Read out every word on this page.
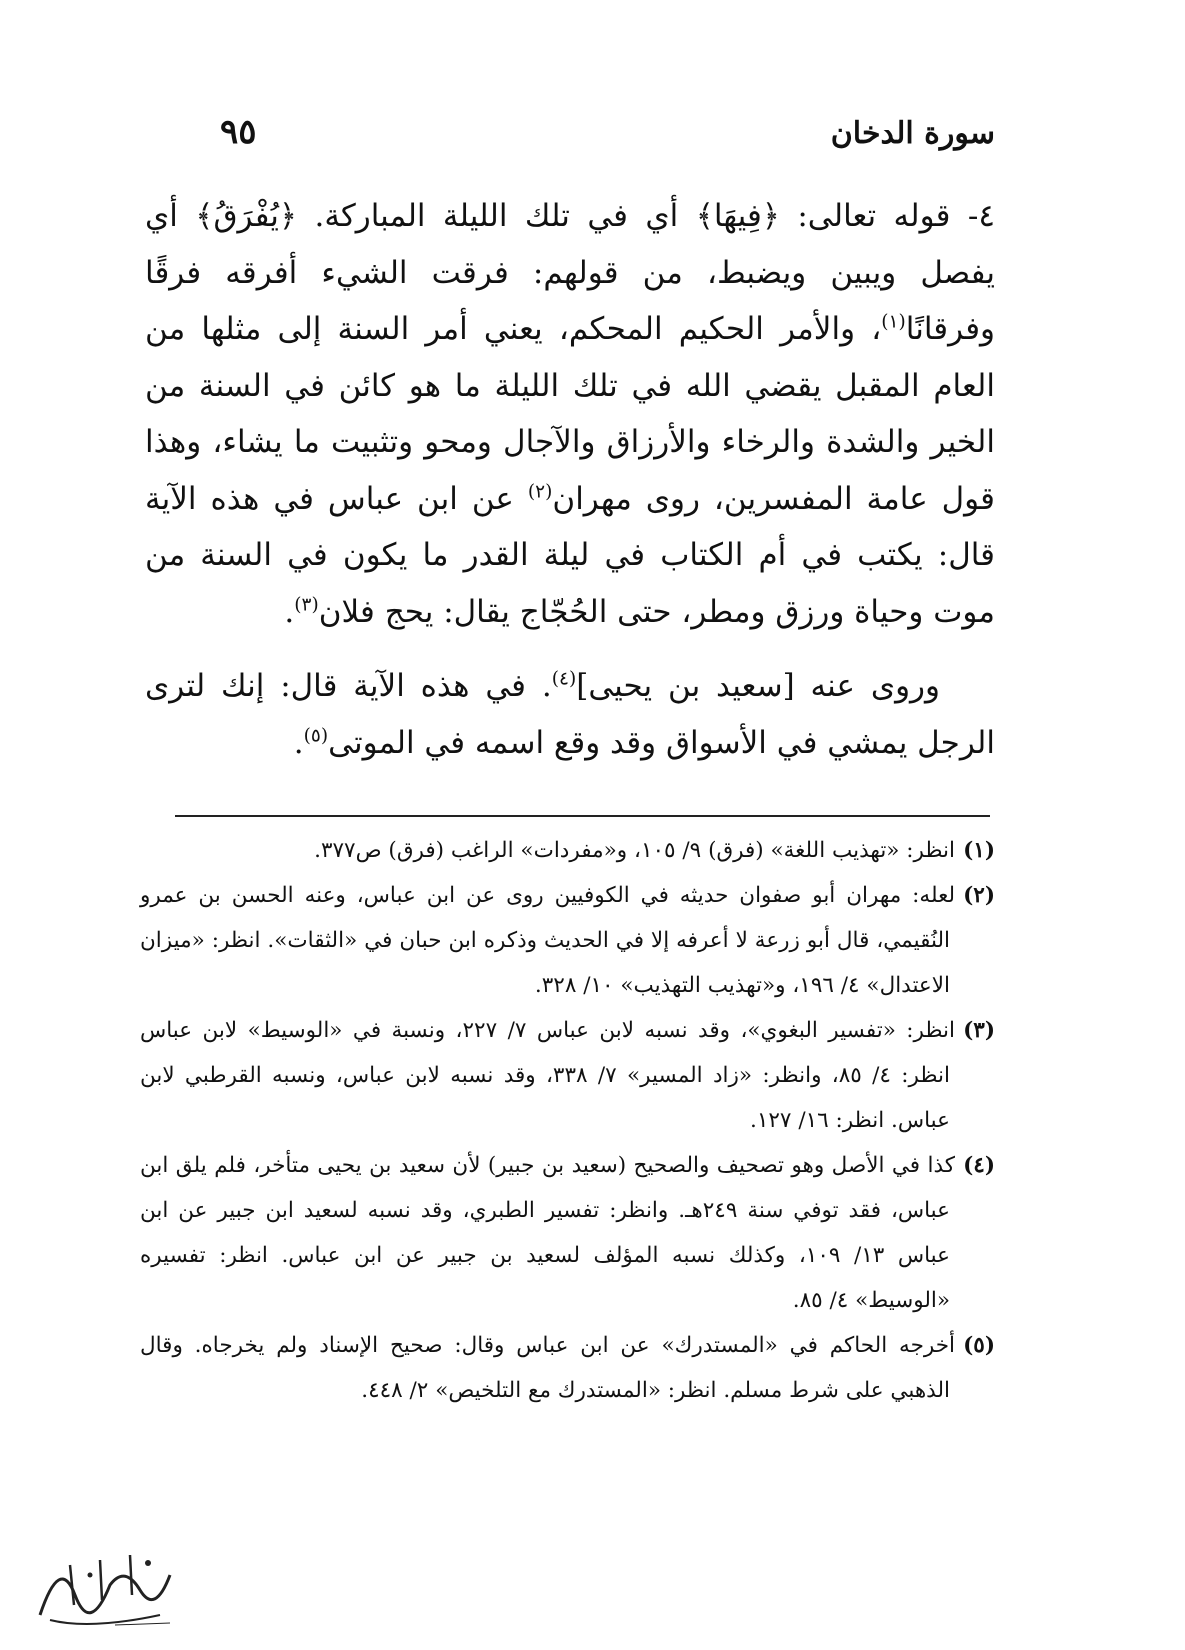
٩٥	سورة الدخان

٤- قوله تعالى: ﴿فِيهَا﴾ أي في تلك الليلة المباركة. ﴿يُفْرَقُ﴾ أي يفصل ويبين ويضبط، من قولهم: فرقت الشيء أفرقه فرقًا وفرقانًا$^{(١)}$، والأمر الحكيم المحكم، يعني أمر السنة إلى مثلها من العام المقبل يقضي الله في تلك الليلة ما هو كائن في السنة من الخير والشدة والرخاء والأرزاق والآجال ومحو وتثبيت ما يشاء، وهذا قول عامة المفسرين، روى مهران$^{(٢)}$ عن ابن عباس في هذه الآية قال: يكتب في أم الكتاب في ليلة القدر ما يكون في السنة من موت وحياة ورزق ومطر، حتى الحُجّاج يقال: يحج فلان$^{(٣)}$.

وروى عنه [سعيد بن يحيى]$^{(٤)}$. في هذه الآية قال: إنك لترى الرجل يمشي في الأسواق وقد وقع اسمه في الموتى$^{(٥)}$.

(١)انظر: «تهذيب اللغة» (فرق) ٩/ ١٠٥، و«مفردات» الراغب (فرق) ص٣٧٧.
(٢)لعله: مهران أبو صفوان حديثه في الكوفيين روى عن ابن عباس، وعنه الحسن بن عمرو النُقيمي، قال أبو زرعة لا أعرفه إلا في الحديث وذكره ابن حبان في «الثقات». انظر: «ميزان الاعتدال» ٤/ ١٩٦، و«تهذيب التهذيب» ١٠/ ٣٢٨.
(٣)انظر: «تفسير البغوي»، وقد نسبه لابن عباس ٧/ ٢٢٧، ونسبة في «الوسيط» لابن عباس انظر: ٤/ ٨٥، وانظر: «زاد المسير» ٧/ ٣٣٨، وقد نسبه لابن عباس، ونسبه القرطبي لابن عباس. انظر: ١٦/ ١٢٧.
(٤)كذا في الأصل وهو تصحيف والصحيح (سعيد بن جبير) لأن سعيد بن يحيى متأخر، فلم يلق ابن عباس، فقد توفي سنة ٢٤٩هـ. وانظر: تفسير الطبري، وقد نسبه لسعيد ابن جبير عن ابن عباس ١٣/ ١٠٩، وكذلك نسبه المؤلف لسعيد بن جبير عن ابن عباس. انظر: تفسيره «الوسيط» ٤/ ٨٥.
(٥)أخرجه الحاكم في «المستدرك» عن ابن عباس وقال: صحيح الإسناد ولم يخرجاه. وقال الذهبي على شرط مسلم. انظر: «المستدرك مع التلخيص» ٢/ ٤٤٨.
